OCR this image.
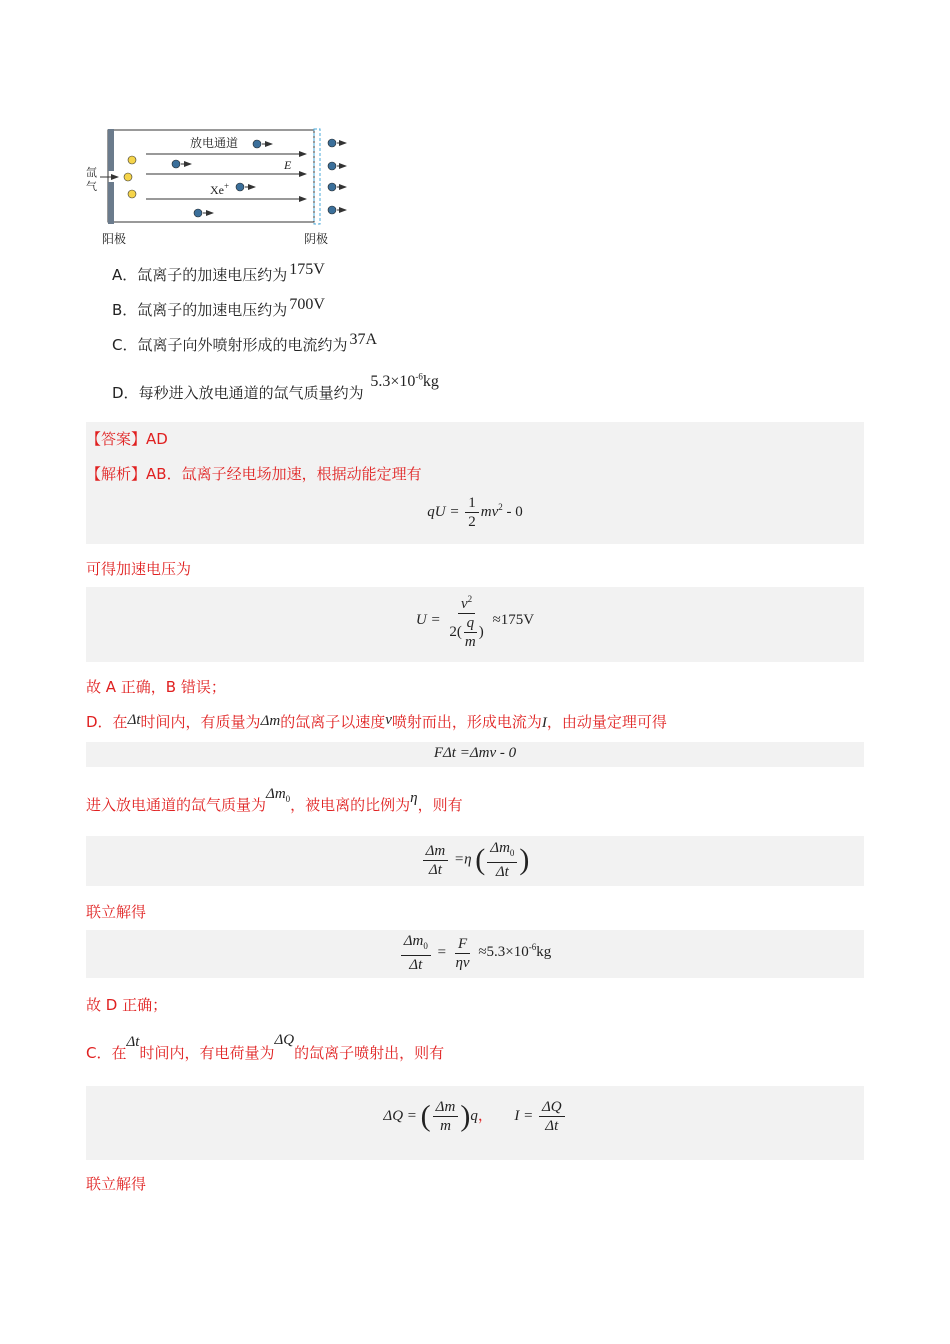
放电通道
E
Xe+
氙
气
阳极	阴极
A．氙离子的加速电压约为 175V
B．氙离子的加速电压约为 700V
C．氙离子向外喷射形成的电流约为 37A
D．每秒进入放电通道的氙气质量约为 $5.3\times 10^{-6}kg$
【答案】AD
【解析】AB．氙离子经电场加速，根据动能定理有
qU = $\frac{1}{2} mv^2 - 0$
可得加速电压为
$U = \frac{v^2}{2( \frac{q}{m} )} \approx 175V$
故 A 正确，B 错误；
D．在Δt时间内，有质量为Δm的氙离子以速度v喷射而出，形成电流为I，由动量定理可得
FΔt =Δmv - 0
进入放电通道的氙气质量为$\Delta m_0$，被电离的比例为η，则有
$\frac{\Delta m}{\Delta t} =\eta$ ( $\frac{\Delta m_0}{\Delta t}$ )
联立解得
$\frac{\Delta m_0}{\Delta t} = \frac{F}{\eta v} \approx 5.3\times 10^{-6}kg$
故 D 正确；
C．在Δt时间内，有电荷量为ΔQ的氙离子喷射出，则有
ΔQ = ( $\frac{\Delta m}{m} )q$， $I = \frac{\Delta Q}{\Delta t}$
联立解得
